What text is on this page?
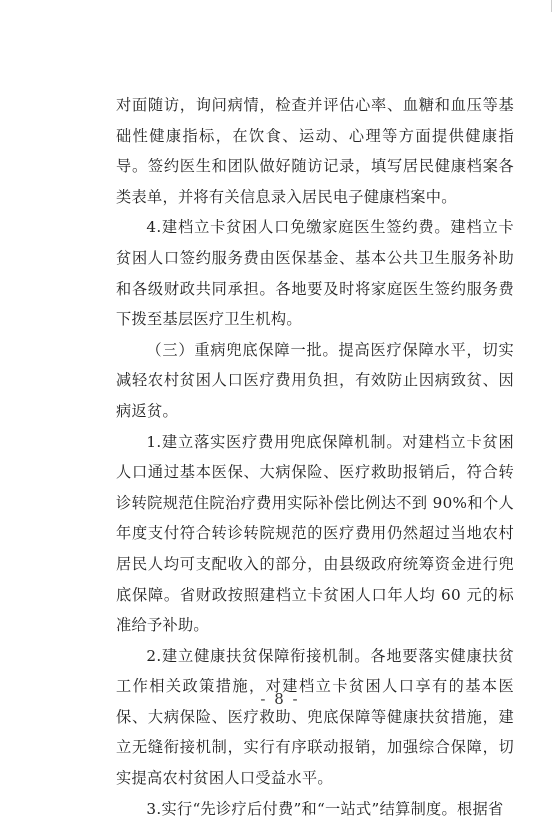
对面随访，询问病情，检查并评估心率、血糖和血压等基础性健康指标，在饮食、运动、心理等方面提供健康指导。签约医生和团队做好随访记录，填写居民健康档案各类表单，并将有关信息录入居民电子健康档案中。

4.建档立卡贫困人口免缴家庭医生签约费。建档立卡贫困人口签约服务费由医保基金、基本公共卫生服务补助和各级财政共同承担。各地要及时将家庭医生签约服务费下拨至基层医疗卫生机构。

（三）重病兜底保障一批。提高医疗保障水平，切实减轻农村贫困人口医疗费用负担，有效防止因病致贫、因病返贫。

1.建立落实医疗费用兜底保障机制。对建档立卡贫困人口通过基本医保、大病保险、医疗救助报销后，符合转诊转院规范住院治疗费用实际补偿比例达不到 90%和个人年度支付符合转诊转院规范的医疗费用仍然超过当地农村居民人均可支配收入的部分，由县级政府统筹资金进行兜底保障。省财政按照建档立卡贫困人口年人均 60 元的标准给予补助。

2.建立健康扶贫保障衔接机制。各地要落实健康扶贫工作相关政策措施，对建档立卡贫困人口享有的基本医保、大病保险、医疗救助、兜底保障等健康扶贫措施，建立无缝衔接机制，实行有序联动报销，加强综合保障，切实提高农村贫困人口受益水平。

3.实行“先诊疗后付费”和“一站式”结算制度。根据省

- 8 -
